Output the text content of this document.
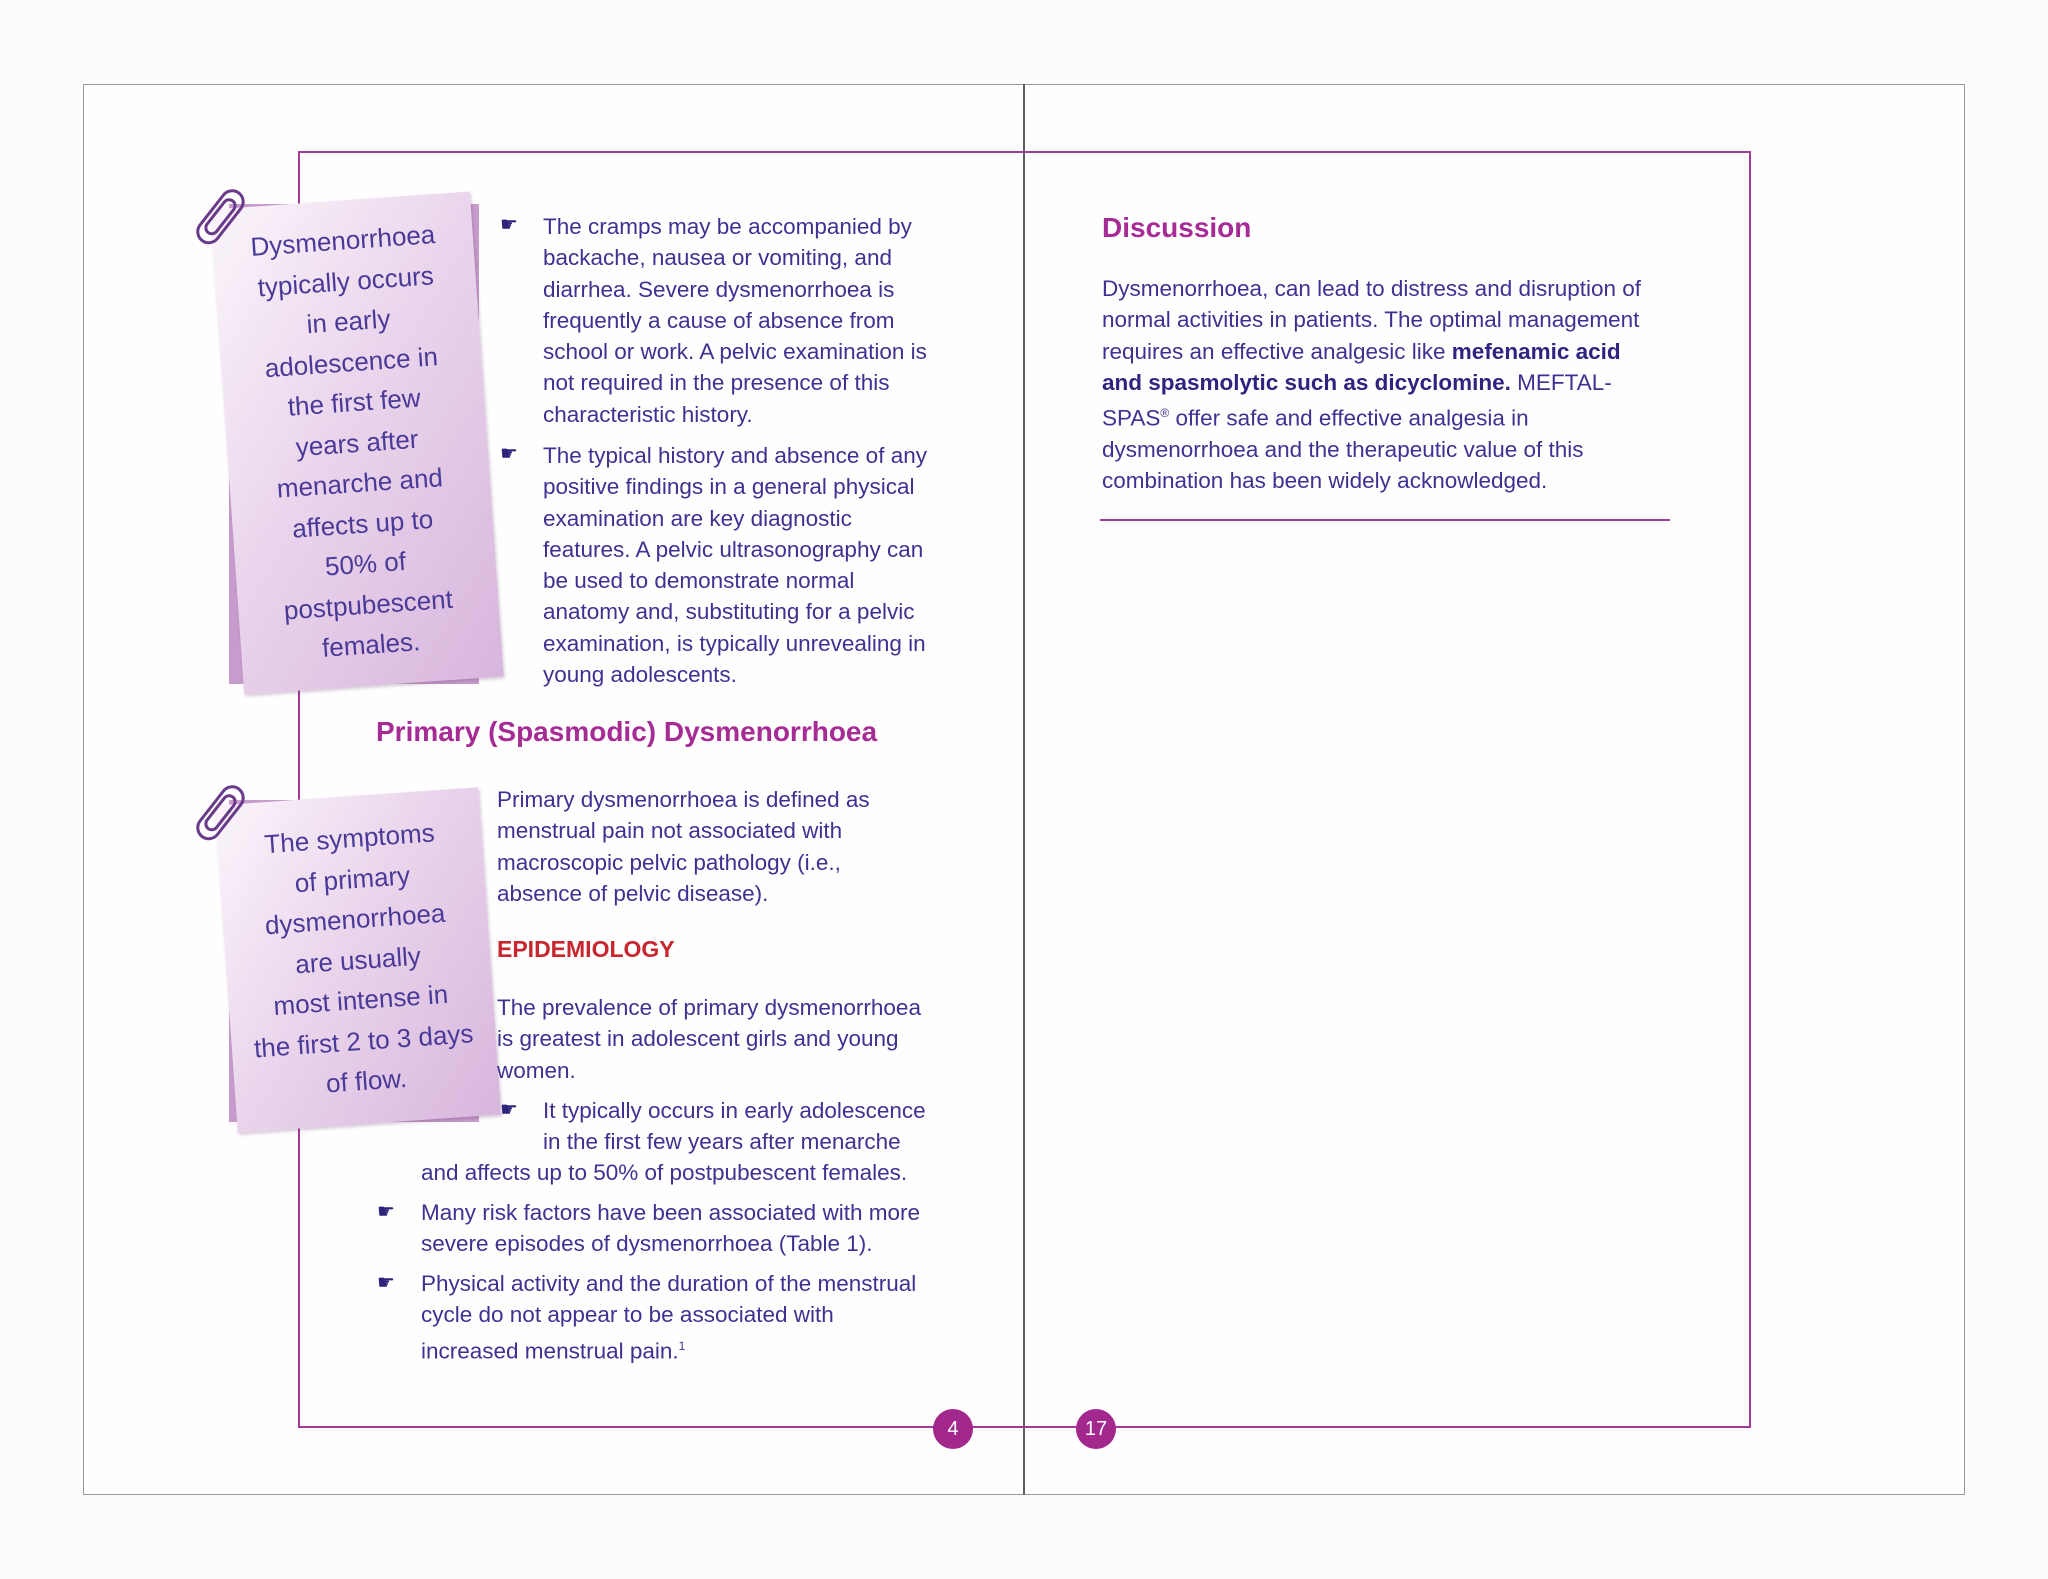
Dysmenorrhoea
typically occurs
in early
adolescence in
the first few
years after
menarche and
affects up to
50% of
postpubescent
females.
The symptoms
of primary
dysmenorrhoea
are usually
most intense in
the first 2 to 3 days
of flow.
☛ The cramps may be accompanied by
backache, nausea or vomiting, and
diarrhea. Severe dysmenorrhoea is
frequently a cause of absence from
school or work. A pelvic examination is
not required in the presence of this
characteristic history.
☛ The typical history and absence of any
positive findings in a general physical
examination are key diagnostic
features. A pelvic ultrasonography can
be used to demonstrate normal
anatomy and, substituting for a pelvic
examination, is typically unrevealing in
young adolescents.
Primary (Spasmodic) Dysmenorrhoea
Primary dysmenorrhoea is defined as
menstrual pain not associated with
macroscopic pelvic pathology (i.e.,
absence of pelvic disease).
EPIDEMIOLOGY
The prevalence of primary dysmenorrhoea
is greatest in adolescent girls and young
women.
☛ It typically occurs in early adolescence
in the first few years after menarche
and affects up to 50% of postpubescent females.
☛ Many risk factors have been associated with more
severe episodes of dysmenorrhoea (Table 1).
☛ Physical activity and the duration of the menstrual
cycle do not appear to be associated with
increased menstrual pain.$^1$
4
Discussion
Dysmenorrhoea, can lead to distress and disruption of
normal activities in patients. The optimal management
requires an effective analgesic like mefenamic acid
and spasmolytic such as dicyclomine. MEFTAL-
SPAS® offer safe and effective analgesia in
dysmenorrhoea and the therapeutic value of this
combination has been widely acknowledged.
17
